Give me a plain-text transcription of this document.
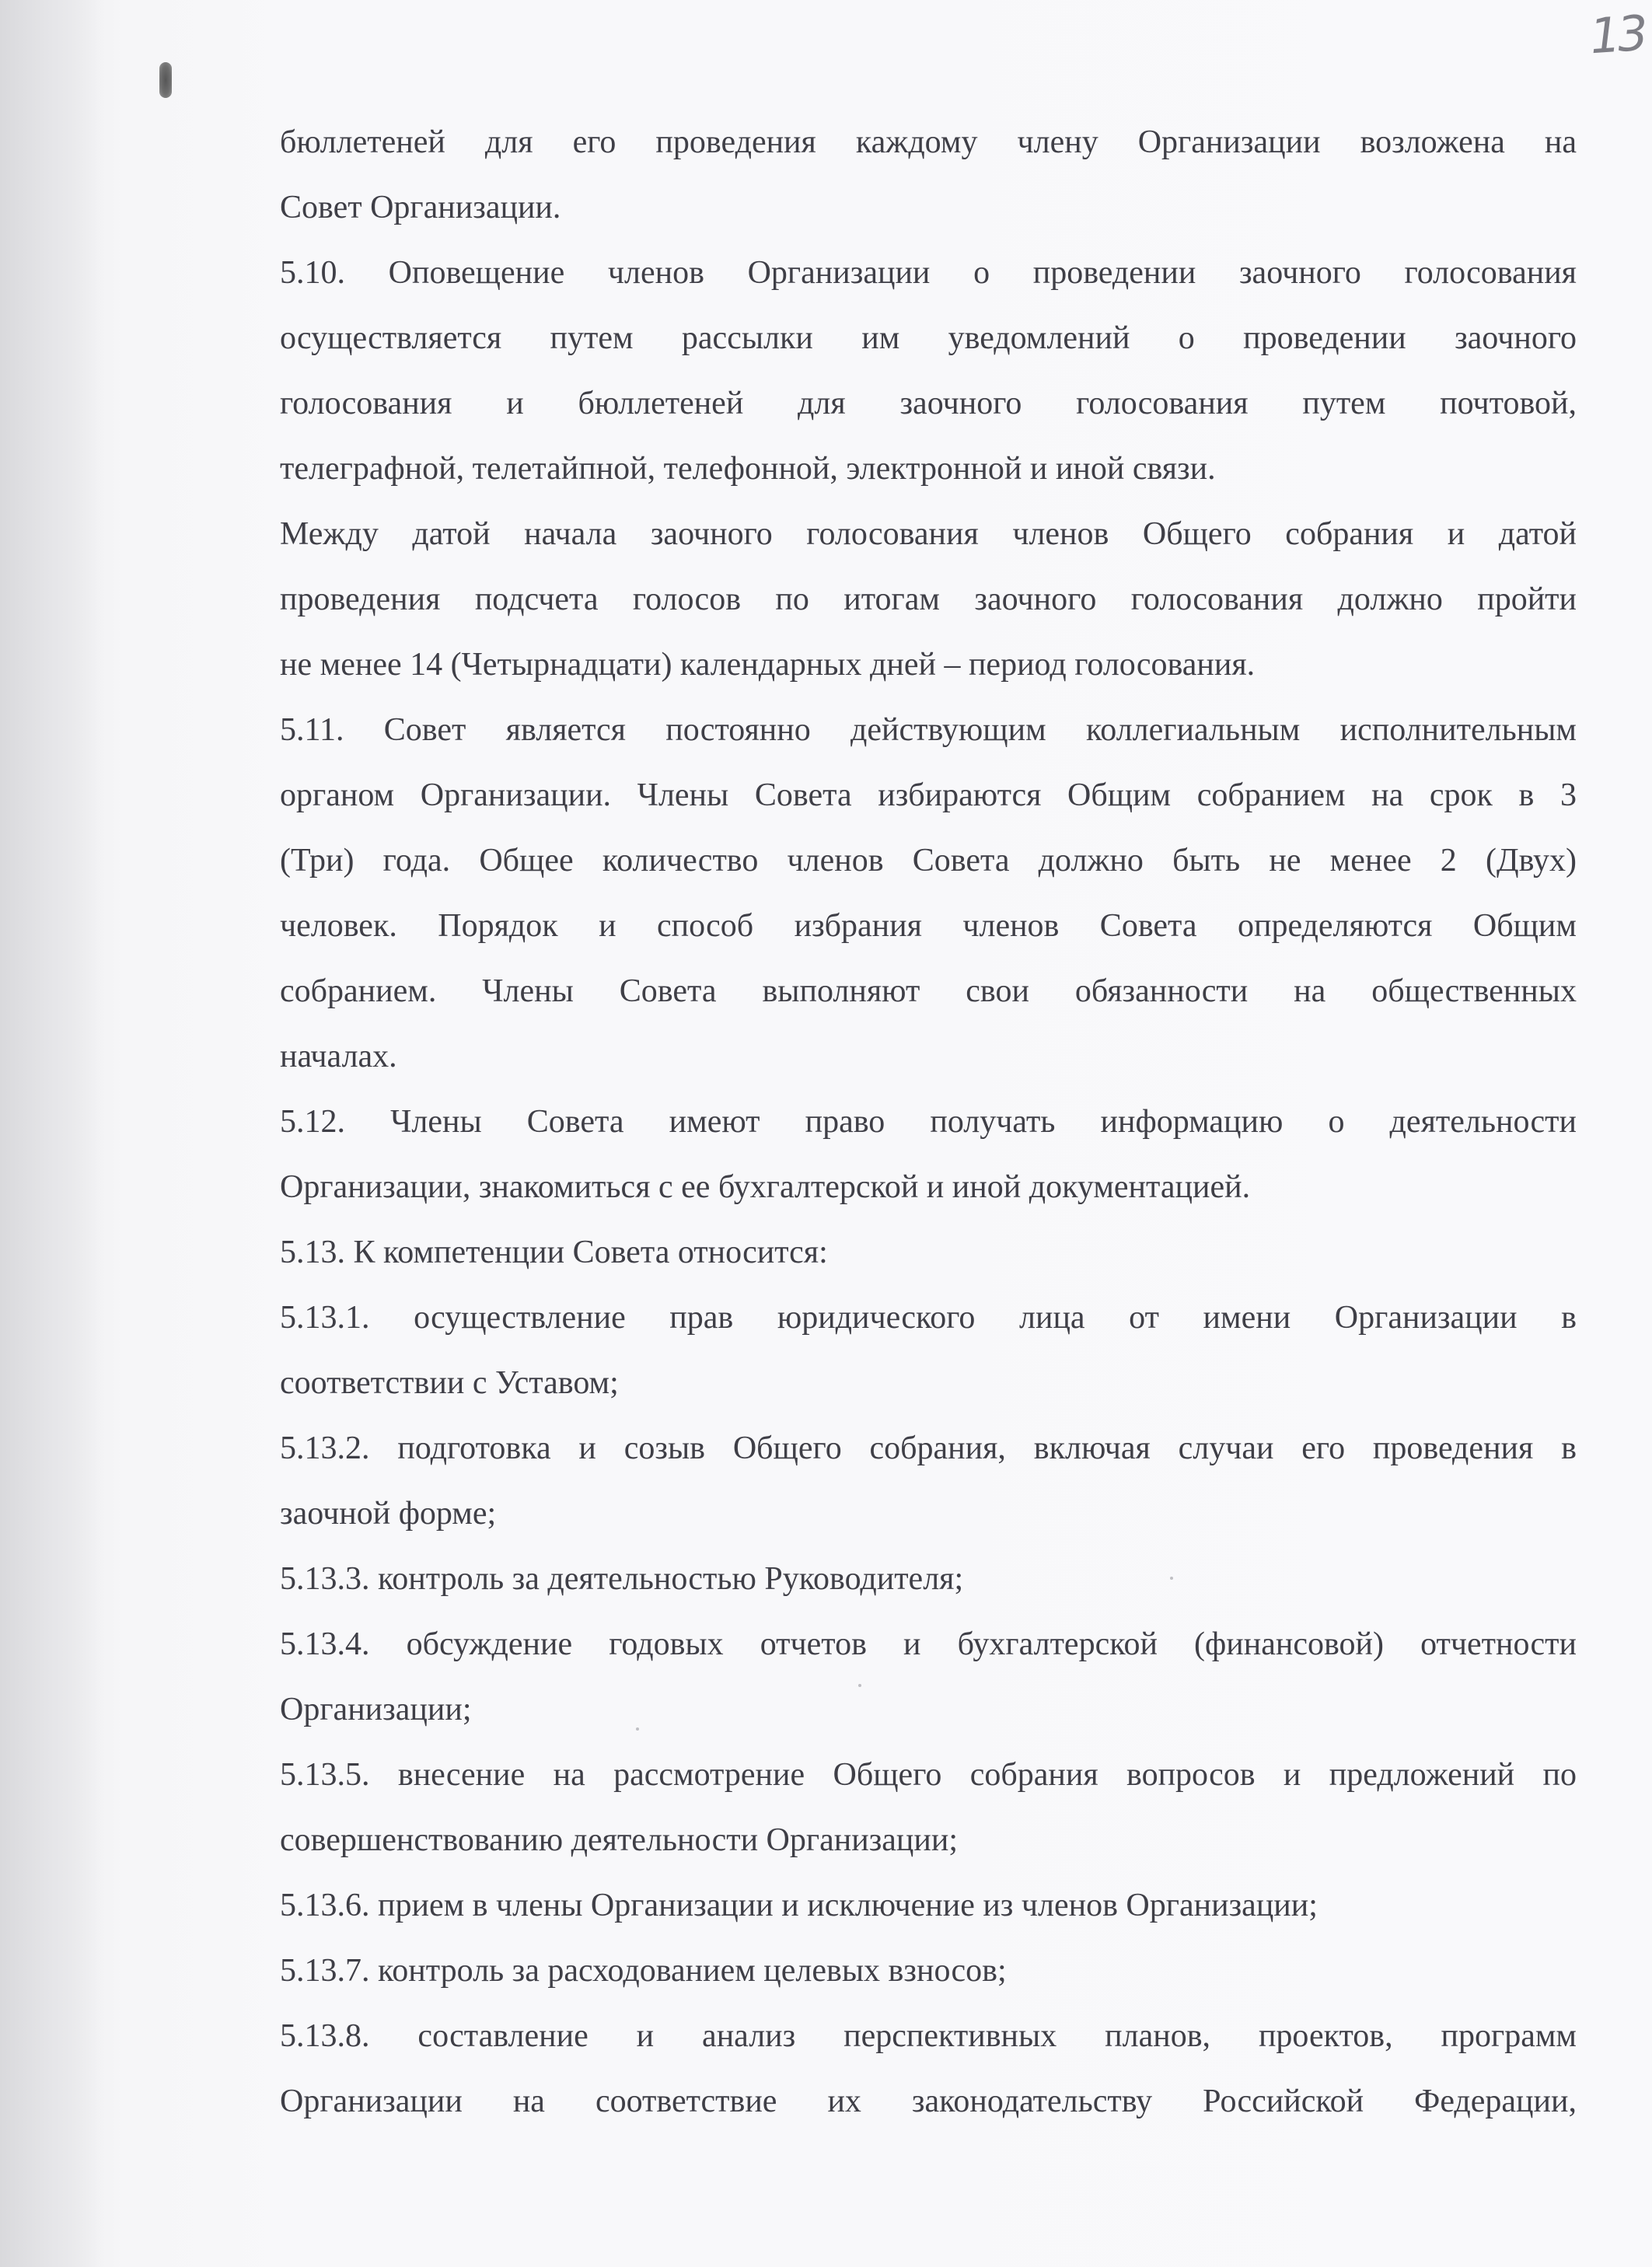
13
бюллетеней для его проведения каждому члену Организации возложена на
Совет Организации.
5.10. Оповещение членов Организации о проведении заочного голосования
осуществляется путем рассылки им уведомлений о проведении заочного
голосования и бюллетеней для заочного голосования путем почтовой,
телеграфной, телетайпной, телефонной, электронной и иной связи.
Между датой начала заочного голосования членов Общего собрания и датой
проведения подсчета голосов по итогам заочного голосования должно пройти
не менее 14 (Четырнадцати) календарных дней – период голосования.
5.11. Совет является постоянно действующим коллегиальным исполнительным
органом Организации. Члены Совета избираются Общим собранием на срок в 3
(Три) года. Общее количество членов Совета должно быть не менее 2 (Двух)
человек. Порядок и способ избрания членов Совета определяются Общим
собранием. Члены Совета выполняют свои обязанности на общественных
началах.
5.12. Члены Совета имеют право получать информацию о деятельности
Организации, знакомиться с ее бухгалтерской и иной документацией.
5.13. К компетенции Совета относится:
5.13.1. осуществление прав юридического лица от имени Организации в
соответствии с Уставом;
5.13.2. подготовка и созыв Общего собрания, включая случаи его проведения в
заочной форме;
5.13.3. контроль за деятельностью Руководителя;
5.13.4. обсуждение годовых отчетов и бухгалтерской (финансовой) отчетности
Организации;
5.13.5. внесение на рассмотрение Общего собрания вопросов и предложений по
совершенствованию деятельности Организации;
5.13.6. прием в члены Организации и исключение из членов Организации;
5.13.7. контроль за расходованием целевых взносов;
5.13.8. составление и анализ перспективных планов, проектов, программ
Организации на соответствие их законодательству Российской Федерации,
